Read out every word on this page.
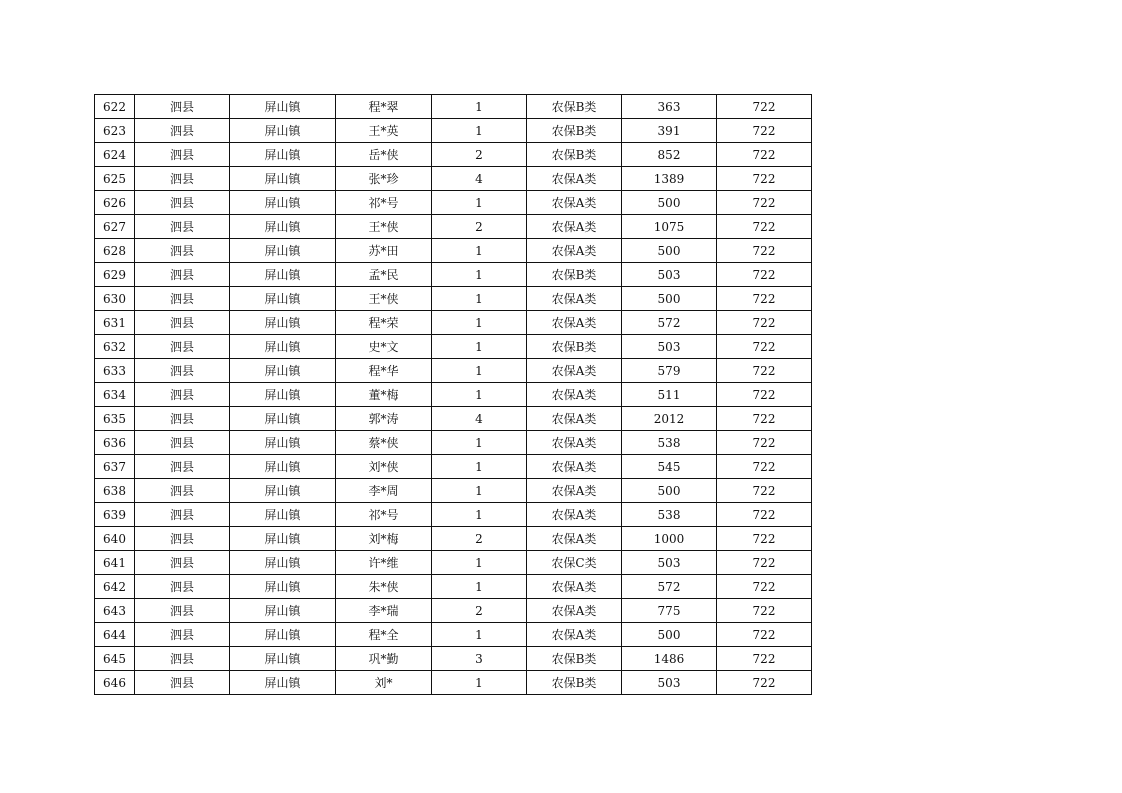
622	泗县	屏山镇	程*翠	1	农保B类	363	722
623	泗县	屏山镇	王*英	1	农保B类	391	722
624	泗县	屏山镇	岳*侠	2	农保B类	852	722
625	泗县	屏山镇	张*珍	4	农保A类	1389	722
626	泗县	屏山镇	祁*号	1	农保A类	500	722
627	泗县	屏山镇	王*侠	2	农保A类	1075	722
628	泗县	屏山镇	苏*田	1	农保A类	500	722
629	泗县	屏山镇	孟*民	1	农保B类	503	722
630	泗县	屏山镇	王*侠	1	农保A类	500	722
631	泗县	屏山镇	程*荣	1	农保A类	572	722
632	泗县	屏山镇	史*文	1	农保B类	503	722
633	泗县	屏山镇	程*华	1	农保A类	579	722
634	泗县	屏山镇	董*梅	1	农保A类	511	722
635	泗县	屏山镇	郭*涛	4	农保A类	2012	722
636	泗县	屏山镇	蔡*侠	1	农保A类	538	722
637	泗县	屏山镇	刘*侠	1	农保A类	545	722
638	泗县	屏山镇	李*周	1	农保A类	500	722
639	泗县	屏山镇	祁*号	1	农保A类	538	722
640	泗县	屏山镇	刘*梅	2	农保A类	1000	722
641	泗县	屏山镇	许*维	1	农保C类	503	722
642	泗县	屏山镇	朱*侠	1	农保A类	572	722
643	泗县	屏山镇	李*瑞	2	农保A类	775	722
644	泗县	屏山镇	程*全	1	农保A类	500	722
645	泗县	屏山镇	巩*勤	3	农保B类	1486	722
646	泗县	屏山镇	刘*	1	农保B类	503	722
